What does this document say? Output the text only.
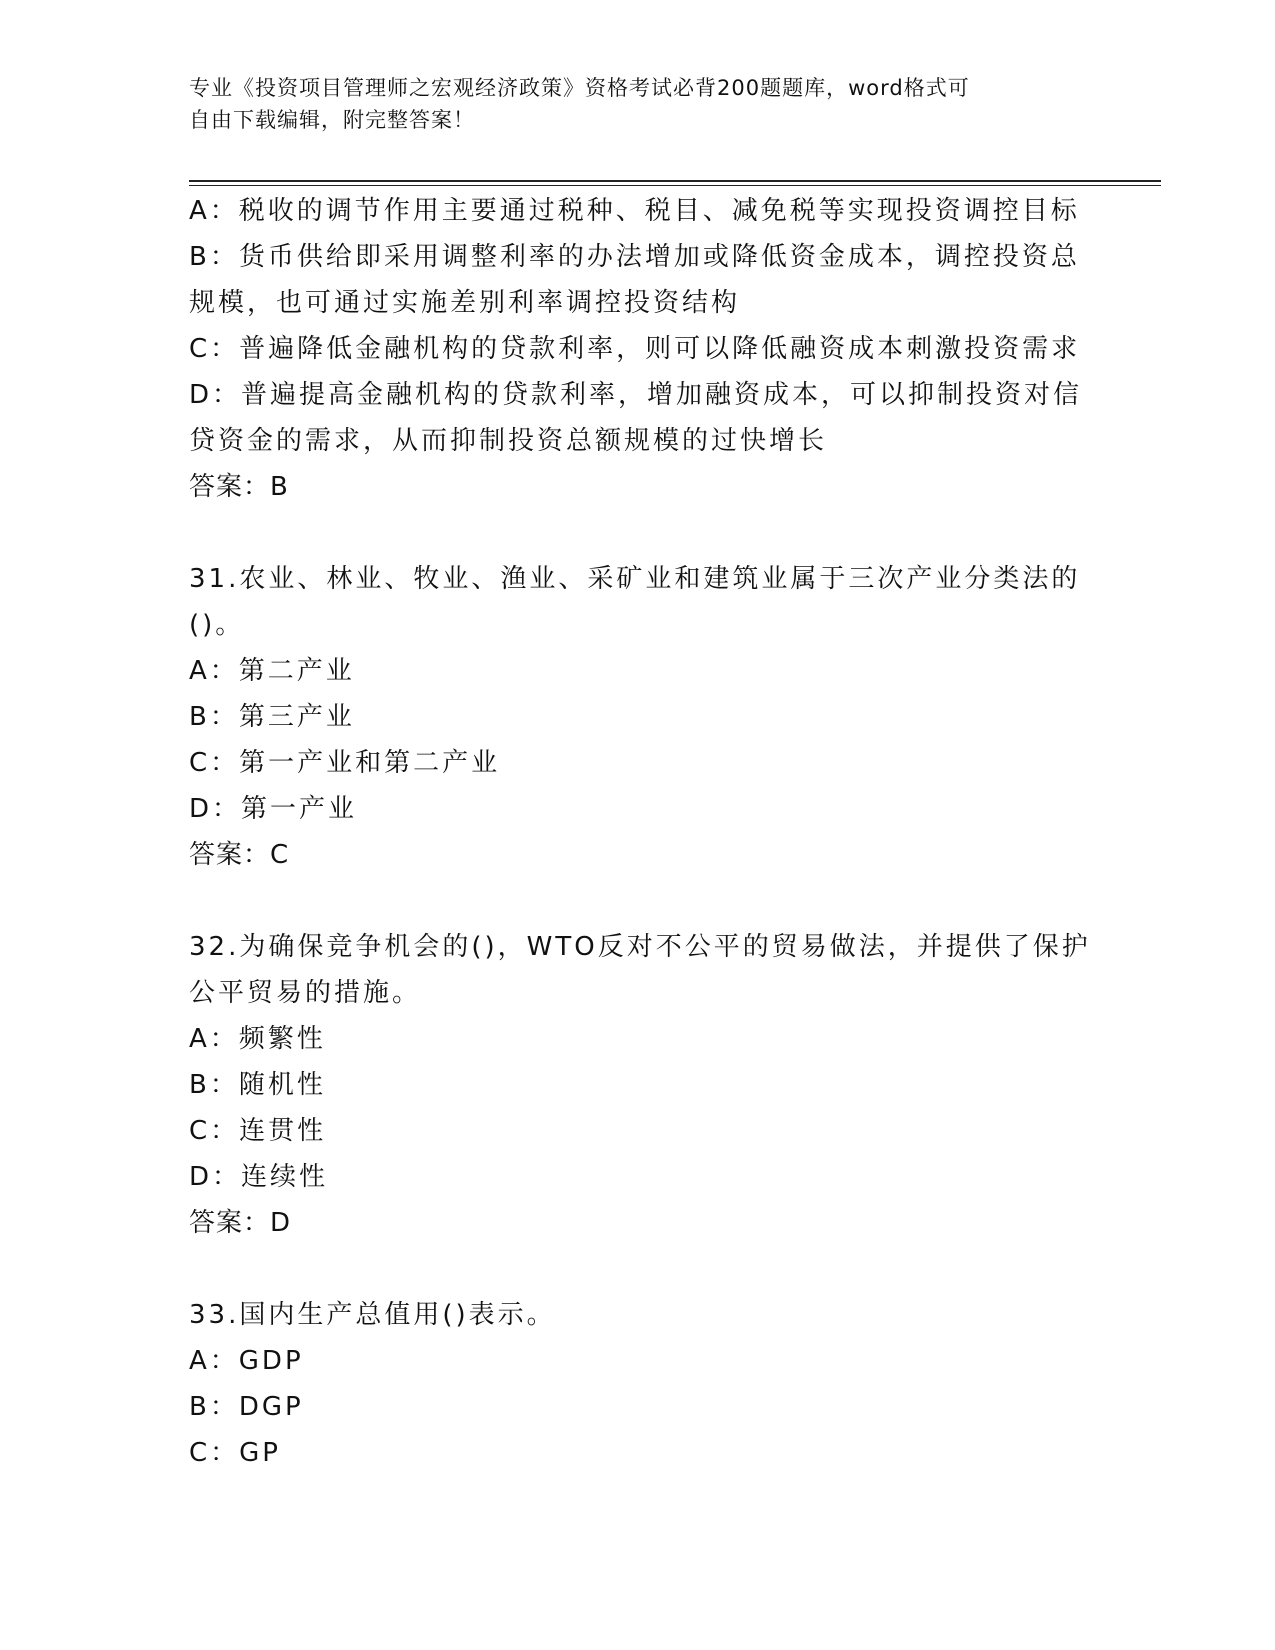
专业《投资项目管理师之宏观经济政策》资格考试必背200题题库，word格式可
自由下载编辑，附完整答案！
A：税收的调节作用主要通过税种、税目、减免税等实现投资调控目标
B：货币供给即采用调整利率的办法增加或降低资金成本，调控投资总
规模，也可通过实施差别利率调控投资结构
C：普遍降低金融机构的贷款利率，则可以降低融资成本刺激投资需求
D：普遍提高金融机构的贷款利率，增加融资成本，可以抑制投资对信
贷资金的需求，从而抑制投资总额规模的过快增长
答案：B
31.农业、林业、牧业、渔业、采矿业和建筑业属于三次产业分类法的
()。
A：第二产业
B：第三产业
C：第一产业和第二产业
D：第一产业
答案：C
32.为确保竞争机会的()，WTO反对不公平的贸易做法，并提供了保护
公平贸易的措施。
A：频繁性
B：随机性
C：连贯性
D：连续性
答案：D
33.国内生产总值用()表示。
A：GDP
B：DGP
C：GP
